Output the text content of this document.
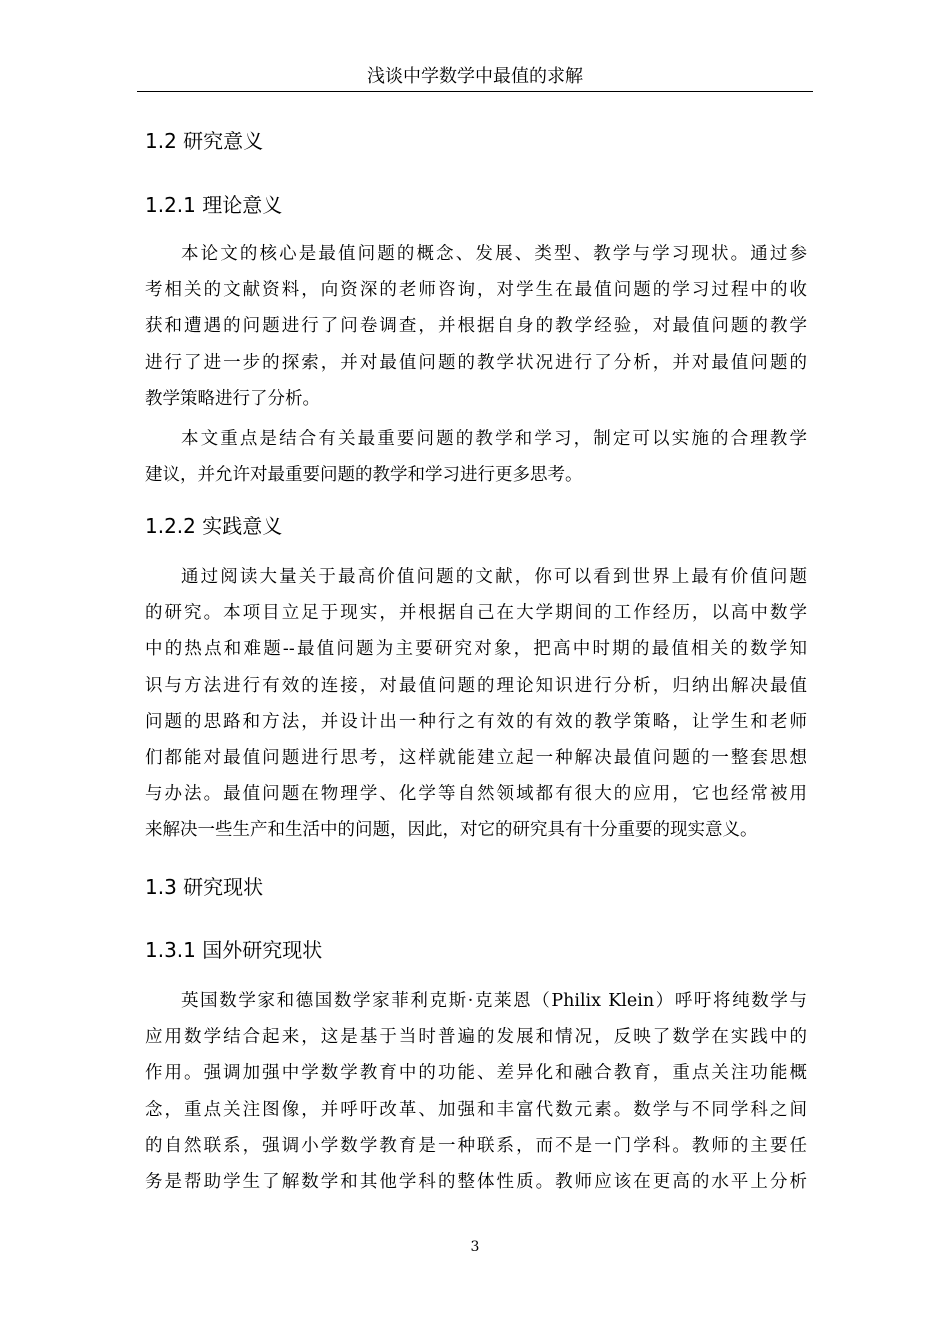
浅谈中学数学中最值的求解
1.2 研究意义
1.2.1 理论意义
本论文的核心是最值问题的概念、发展、类型、教学与学习现状。通过参
考相关的文献资料，向资深的老师咨询，对学生在最值问题的学习过程中的收
获和遭遇的问题进行了问卷调查，并根据自身的教学经验，对最值问题的教学
进行了进一步的探索，并对最值问题的教学状况进行了分析，并对最值问题的
教学策略进行了分析。
本文重点是结合有关最重要问题的教学和学习，制定可以实施的合理教学
建议，并允许对最重要问题的教学和学习进行更多思考。
1.2.2 实践意义
通过阅读大量关于最高价值问题的文献，你可以看到世界上最有价值问题
的研究。本项目立足于现实，并根据自己在大学期间的工作经历，以高中数学
中的热点和难题--最值问题为主要研究对象，把高中时期的最值相关的数学知
识与方法进行有效的连接，对最值问题的理论知识进行分析，归纳出解决最值
问题的思路和方法，并设计出一种行之有效的有效的教学策略，让学生和老师
们都能对最值问题进行思考，这样就能建立起一种解决最值问题的一整套思想
与办法。最值问题在物理学、化学等自然领域都有很大的应用，它也经常被用
来解决一些生产和生活中的问题，因此，对它的研究具有十分重要的现实意义。
1.3 研究现状
1.3.1 国外研究现状
英国数学家和德国数学家菲利克斯·克莱恩（Philix Klein）呼吁将纯数学与
应用数学结合起来，这是基于当时普遍的发展和情况，反映了数学在实践中的
作用。强调加强中学数学教育中的功能、差异化和融合教育，重点关注功能概
念，重点关注图像，并呼吁改革、加强和丰富代数元素。数学与不同学科之间
的自然联系，强调小学数学教育是一种联系，而不是一门学科。教师的主要任
务是帮助学生了解数学和其他学科的整体性质。教师应该在更高的水平上分析
3
